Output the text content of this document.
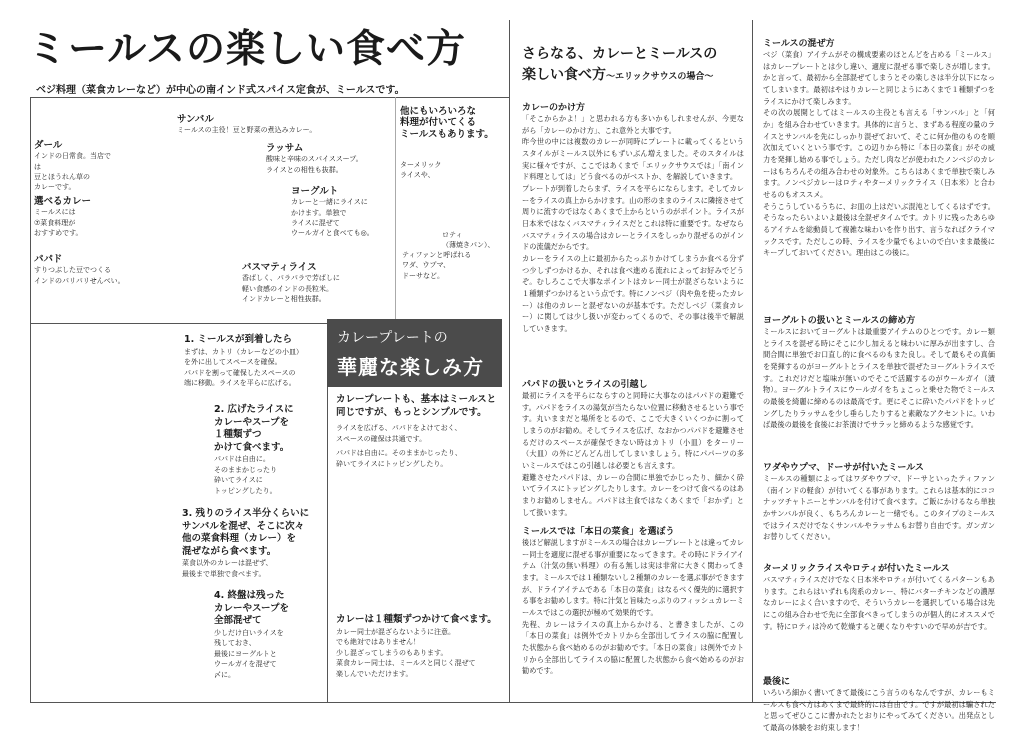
ミールスの楽しい食べ方
ベジ料理（菜食カレーなど）が中心の南インド式スパイス定食が、ミールスです。
サンバル
ミールスの主役！豆と野菜の煮込みカレー。
ダール
インドの日常食。当店では
豆とほうれん草の
カレーです。
ラッサム
酸味と辛味のスパイススープ。
ライスとの相性も抜群。
選べるカレー
ミールスには
⑦菜食料理が
おすすめです。
ヨーグルト
カレーと一緒にライスに
かけます。単独で
ライスに混ぜて
ウールガイと食べても◎。
パパド
すりつぶした豆でつくる
インドのパリパリせんべい。
バスマティライス
香ばしく、パラパラで芳ばしに
軽い食感のインドの長粒米。
インドカレーと相性抜群。
他にもいろいろな
料理が付いてくる
ミールスもあります。
ターメリック
ライスや、
ロティ
（薄焼きパン）、
ティファンと呼ばれる
ワダ、ウプマ、
ドーサなど。
1. ミールスが到着したら
まずは、カトリ（カレーなどの小皿）
を外に出してスペースを確保。
パパドを割って確保したスペースの
端に移動。ライスを平らに広げる。
2. 広げたライスに
カレーやスープを
１種類ずつ
かけて食べます。
パパドは自由に。
そのままかじったり
砕いてライスに
トッピングしたり。
3. 残りのライス半分くらいに
サンバルを混ぜ、そこに次々
他の菜食料理（カレー）を
混ぜながら食べます。
菜食以外のカレーは混ぜず、
最後まで単独で食べます。
4. 終盤は残った
カレーやスープを
全部混ぜて
少しだけ白いライスを
残しておき、
最後にヨーグルトと
ウールガイを混ぜて
〆に。
カレープレートの
華麗な楽しみ方
カレープレートも、基本はミールスと
同じですが、もっとシンプルです。
ライスを広げる、パパドをよけておく、
スペースの確保は共通です。
パパドは自由に。そのままかじったり、
砕いてライスにトッピングしたり。
カレーは１種類ずつかけて食べます。
カレー同士が混ざらないように注意。
でも絶対ではありません！
少し混ざってしまうのもあります。
菜食カレー同士は、ミールスと同じく混ぜて
楽しんでいただけます。
さらなる、カレーとミールスの
楽しい食べ方〜エリックサウスの場合〜
カレーのかけ方
「そこからかよ！」と思われる方も多いかもしれませんが、今更ながら「カレーのかけ方」、これ意外と大事です。
昨今世の中には複数のカレーが同時にプレートに載ってくるというスタイルがミールス以外にもずいぶん増えました。そのスタイルは実に様々ですが、ここではあくまで「エリックサウスでは」「南インド料理としては」どう食べるのがベストか、を解説していきます。
プレートが到着したらまず、ライスを平らにならします。そしてカレーをライスの真上からかけます。山の形のままのライスに隣接させて周りに流すのではなくあくまで上からというのがポイント。ライスが日本米ではなくバスマティライスだとこれは特に重要です。なぜならバスマティライスの場合はカレーとライスをしっかり混ぜるのがインドの流儀だからです。
カレーをライスの上に最初からたっぷりかけてしまうか食べる分ずつ少しずつかけるか、それは食べ進める流れによってお好みでどうぞ。むしろここで大事なポイントはカレー同士が混ざらないように１種類ずつかけるという点です。特にノンベジ（肉や魚を使ったカレー）は他のカレーと混ぜないのが基本です。ただしベジ（菜食カレー）に関しては少し扱いが変わってくるので、その事は後半で解説していきます。
パパドの扱いとライスの引越し
最初にライスを平らにならすのと同時に大事なのはパパドの避難です。パパドをライスの湯気が当たらない位置に移動させるという事です。丸いままだと場所をとるので、ここで大きくいくつかに割ってしまうのがお勧め。そしてライスを広げ、なおかつパパドを避難させるだけのスペースが確保できない時はカトリ（小皿）をターリー（大皿）の外にどんどん出してしまいましょう。特にパパーツの多いミールスではこの引越しは必要とも言えます。
避難させたパパドは、カレーの合間に単独でかじったり、細かく砕いてライスにトッピングしたりします。カレーをつけて食べるのはあまりお勧めしません。パパドは主食ではなくあくまで「おかず」として扱います。
ミールスでは「本日の菜食」を選ぼう
後ほど解説しますがミールスの場合はカレープレートとは違ってカレー同士を適度に混ぜる事が重要になってきます。その時にドライアイテム（汁気の無い料理）の有る無しは実は非常に大きく関わってきます。ミールスでは１種類ないし２種類のカレーを選ぶ事ができますが、ドライアイテムである「本日の菜食」はなるべく優先的に選択する事をお勧めします。特に汁気と旨味たっぷりのフィッシュカレーミールスではこの選択が極めて効果的です。
先程、カレーはライスの真上からかける、と書きましたが、この「本日の菜食」は例外でカトリから全部出してライスの脇に配置した状態から食べ始めるのがお勧めです。「本日の菜食」は例外でカトリから全部出してライスの脇に配置した状態から食べ始めるのがお勧めです。
ミールスの混ぜ方
ベジ（菜食）アイテムがその構成要素のほとんどを占める「ミールス」はカレープレートとは少し違い、適度に混ぜる事で楽しさが増します。かと言って、最初から全部混ぜてしまうとその楽しさは半分以下になってしまいます。最初はやはりカレーと同じようにあくまで１種類ずつをライスにかけて楽しみます。
その次の展開としてはミールスの主役とも言える「サンバル」と「何か」を組み合わせていきます。具体的に言うと、まずある程度の量のライスとサンバルを先にしっかり混ぜておいて、そこに何か他のものを順次加えていくという事です。この辺りから特に「本日の菜食」がその威力を発揮し始める事でしょう。ただし肉などが使われたノンベジのカレーはもちろんその組み合わせの対象外。こちらはあくまで単独で楽しみます。ノンベジカレーはロティやターメリックライス（日本米）と合わせるのもオススメ。
そうこうしているうちに、お皿の上はだいぶ混沌としてくるはずです。そうなったらいよいよ最後は全混ぜタイムです。カトリに残ったあらゆるアイテムを総動員して複雑な味わいを作り出す、言うなればクライマックスです。ただしこの時、ライスを少量でもよいので白いまま最後にキープしておいてください。理由はこの後に。
ヨーグルトの扱いとミールスの締め方
ミールスにおいてヨーグルトは最重要アイテムのひとつです。カレー類とライスを混ぜる時にそこに少し加えると味わいに厚みが出ますし、合間合間に単独でお口直し的に食べるのもまた良し。そして最もその真価を発揮するのがヨーグルトとライスを単独で混ぜたヨーグルトライスです。これだけだと塩味が無いのでそこで活躍するのがウールガイ（漬物）。ヨーグルトライスにウールガイをちょこっと乗せた物でミールスの最後を綺麗に締めるのは最高です。更にそこに砕いたパパドをトッピングしたりラッサムを少し垂らしたりすると素敵なアクセントに。いわば最後の最後を食後にお茶漬けでサラッと締めるような感覚です。
ワダやウプマ、ドーサが付いたミールス
ミールスの種類によってはワダやウプマ、ドーサといったティファン（南インドの軽食）が付いてくる事があります。これらは基本的にココナッツチャトニーとサンバルを付けて食べます。ご飯にかけるなら単独かサンバルが良く、もちろんカレーと一緒でも。このタイプのミールスではライスだけでなくサンバルやラッサムもお替り自由です。ガンガンお替りしてください。
ターメリックライスやロティが付いたミールス
バスマティライスだけでなく日本米やロティが付いてくるパターンもあります。これらはいずれも肉系のカレー、特にバターチキンなどの濃厚なカレーによく合いますので、そういうカレーを選択している場合は先にこの組み合わせで先に全部食べきってしまうのが個人的にオススメです。特にロティは冷めて乾燥すると硬くなりやすいので早めが吉です。
最後に
いろいろ細かく書いてきて最後にこう言うのもなんですが、カレーもミールスも食べ方はあくまで最終的には自由です。ですが最初は騙されたと思ってぜひここに書かれたとおりにやってみてください。出発点として最高の体験をお約束します！
